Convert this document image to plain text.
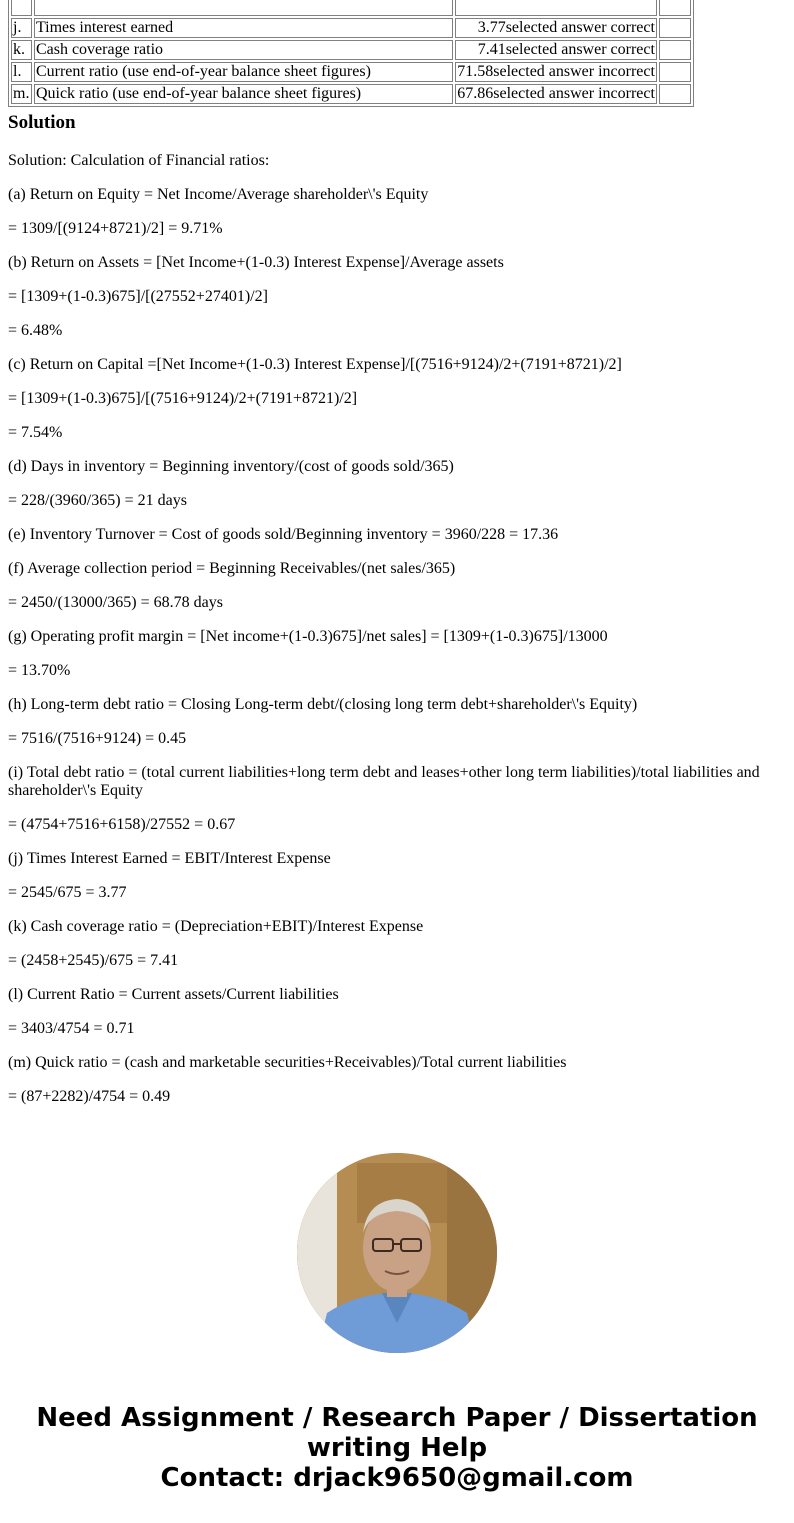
j.	Times interest earned	3.77selected answer correct	
k.	Cash coverage ratio	7.41selected answer correct	
l.	Current ratio (use end-of-year balance sheet figures)	71.58selected answer incorrect	
m.	Quick ratio (use end-of-year balance sheet figures)	67.86selected answer incorrect	
Solution

Solution: Calculation of Financial ratios:

(a) Return on Equity = Net Income/Average shareholder\'s Equity

= 1309/[(9124+8721)/2] = 9.71%

(b) Return on Assets = [Net Income+(1-0.3) Interest Expense]/Average assets

= [1309+(1-0.3)675]/[(27552+27401)/2]

= 6.48%

(c) Return on Capital =[Net Income+(1-0.3) Interest Expense]/[(7516+9124)/2+(7191+8721)/2]

= [1309+(1-0.3)675]/[(7516+9124)/2+(7191+8721)/2]

= 7.54%

(d) Days in inventory = Beginning inventory/(cost of goods sold/365)

= 228/(3960/365) = 21 days

(e) Inventory Turnover = Cost of goods sold/Beginning inventory = 3960/228 = 17.36

(f) Average collection period = Beginning Receivables/(net sales/365)

= 2450/(13000/365) = 68.78 days

(g) Operating profit margin = [Net income+(1-0.3)675]/net sales] = [1309+(1-0.3)675]/13000

= 13.70%

(h) Long-term debt ratio = Closing Long-term debt/(closing long term debt+shareholder\'s Equity)

= 7516/(7516+9124) = 0.45

(i) Total debt ratio = (total current liabilities+long term debt and leases+other long term liabilities)/total liabilities and shareholder\'s Equity

= (4754+7516+6158)/27552 = 0.67

(j) Times Interest Earned = EBIT/Interest Expense

= 2545/675 = 3.77

(k) Cash coverage ratio = (Depreciation+EBIT)/Interest Expense

= (2458+2545)/675 = 7.41

(l) Current Ratio = Current assets/Current liabilities

= 3403/4754 = 0.71

(m) Quick ratio = (cash and marketable securities+Receivables)/Total current liabilities

= (87+2282)/4754 = 0.49

Need Assignment / Research Paper / Dissertation
writing Help
Contact: drjack9650@gmail.com
